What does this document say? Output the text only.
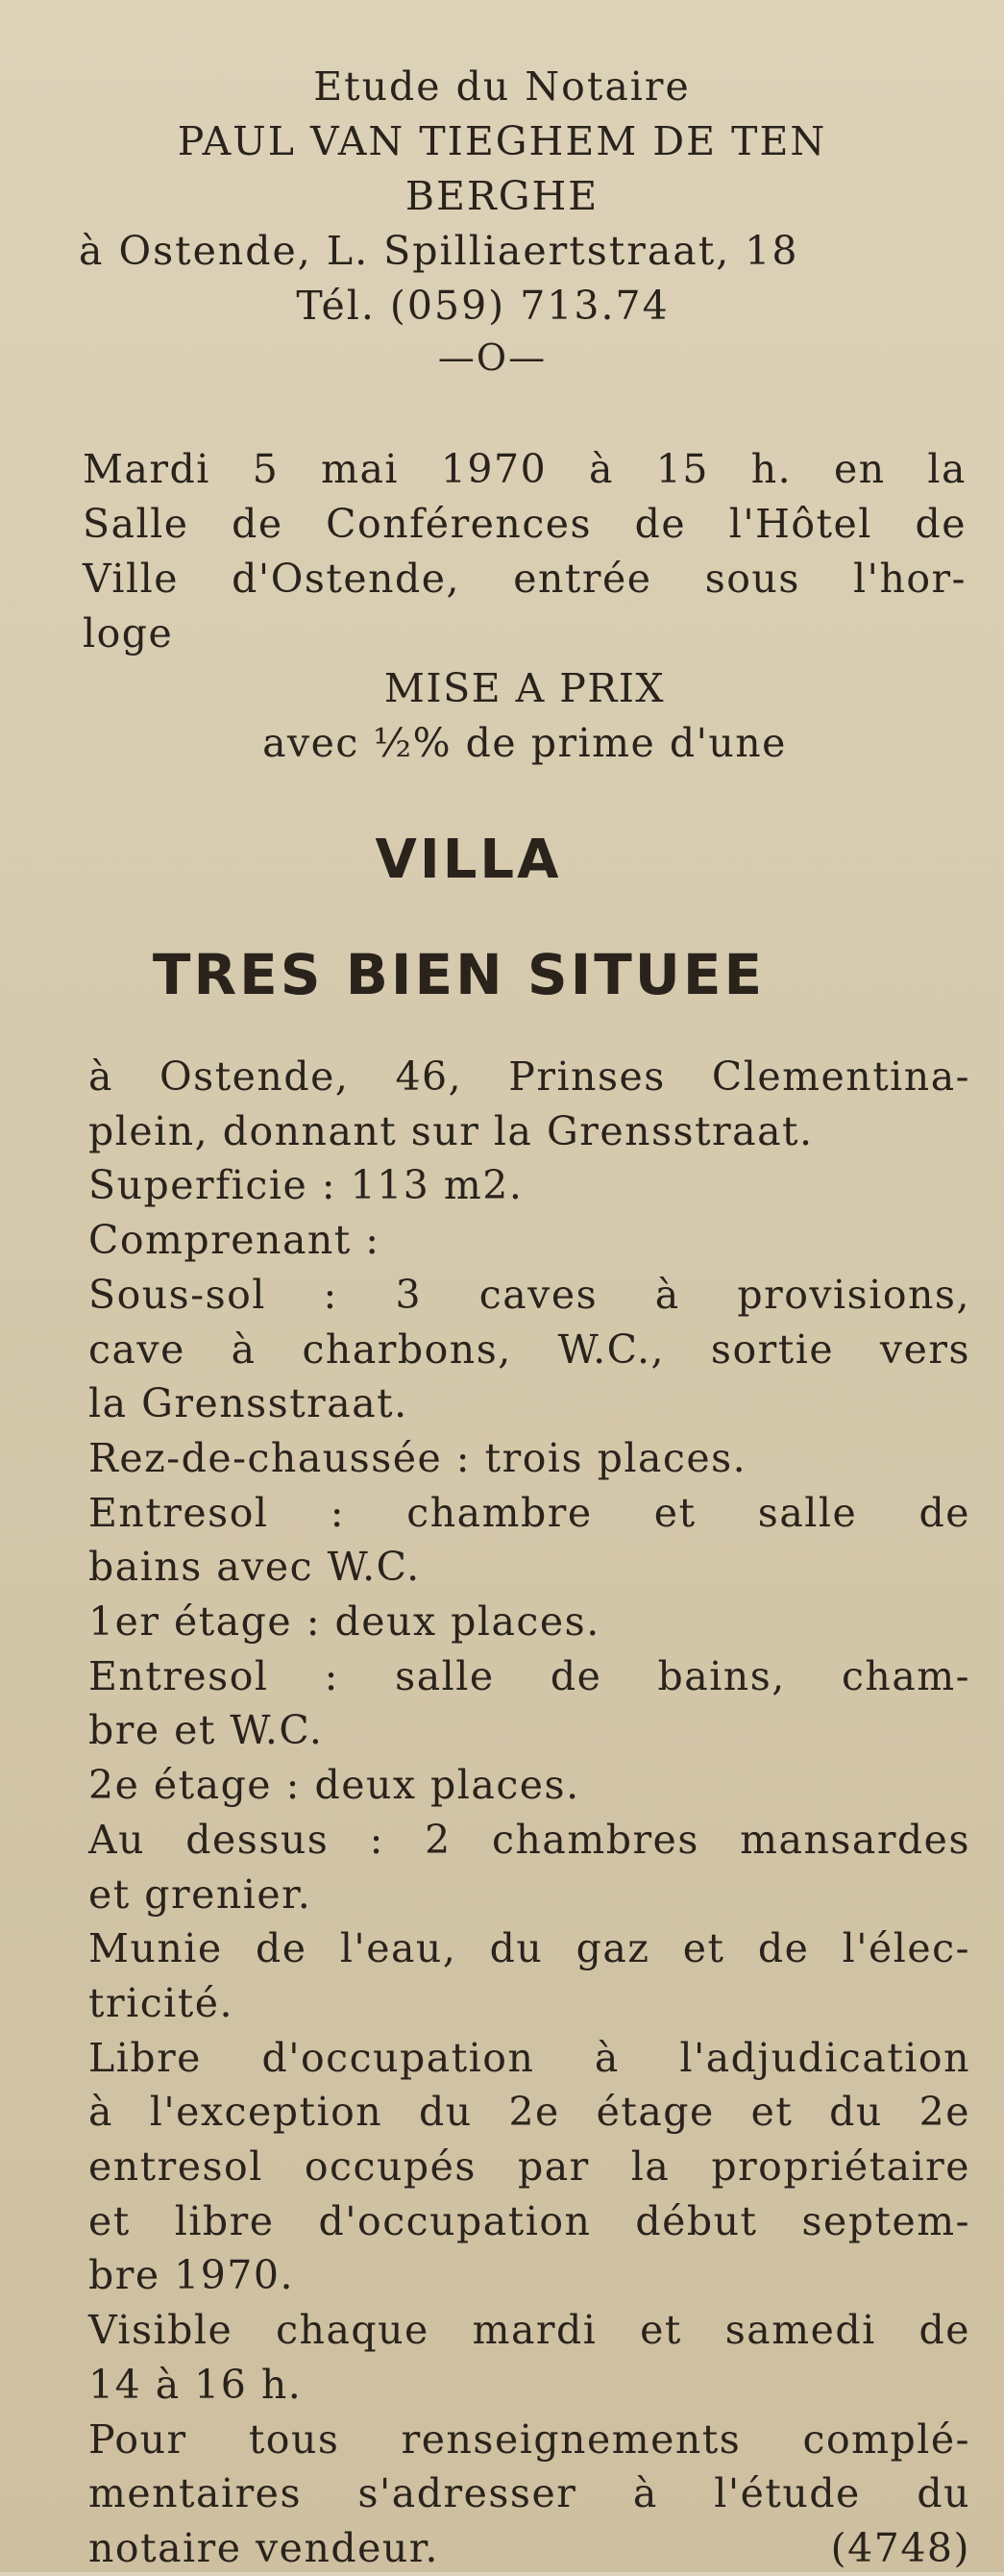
Etude du Notaire
PAUL VAN TIEGHEM DE TEN
BERGHE
à Ostende, L. Spilliaertstraat, 18
Tél. (059) 713.74
—O—
Mardi 5 mai 1970 à 15 h. en la
Salle de Conférences de l'Hôtel de
Ville d'Ostende, entrée sous l'hor-
loge
MISE A PRIX
avec ½% de prime d'une
VILLA
TRES BIEN SITUEE
à Ostende, 46, Prinses Clementina-
plein, donnant sur la Grensstraat.
Superficie : 113 m2.
Comprenant :
Sous-sol : 3 caves à provisions,
cave à charbons, W.C., sortie vers
la Grensstraat.
Rez-de-chaussée : trois places.
Entresol : chambre et salle de
bains avec W.C.
1er étage : deux places.
Entresol : salle de bains, cham-
bre et W.C.
2e étage : deux places.
Au dessus : 2 chambres mansardes
et grenier.
Munie de l'eau, du gaz et de l'élec-
tricité.
Libre d'occupation à l'adjudication
à l'exception du 2e étage et du 2e
entresol occupés par la propriétaire
et libre d'occupation début septem-
bre 1970.
Visible chaque mardi et samedi de
14 à 16 h.
Pour tous renseignements complé-
mentaires s'adresser à l'étude du
notaire vendeur.	(4748)
